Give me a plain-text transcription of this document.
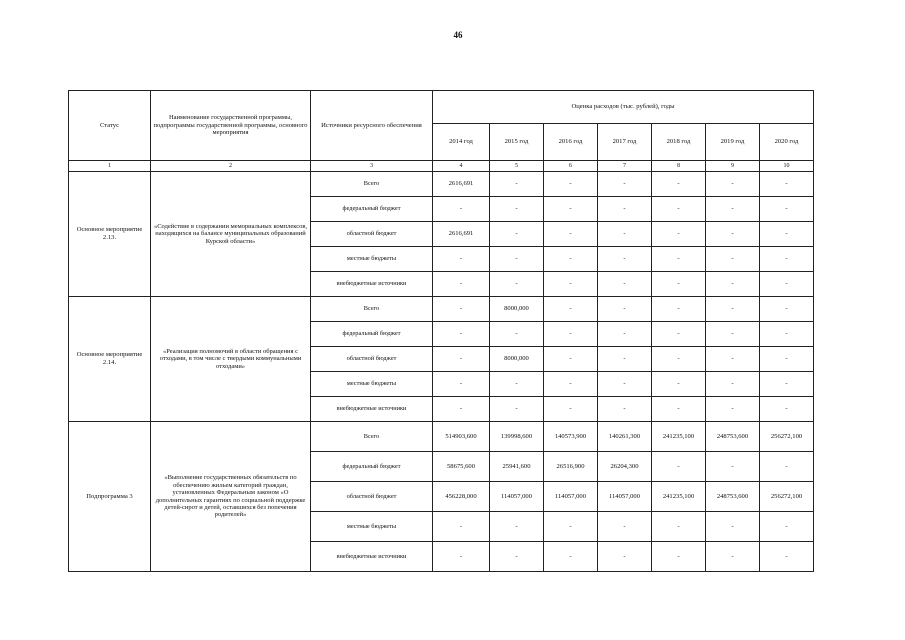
46
Статус	Наименование государственной программы, подпрограммы государственной программы, основного мероприятия	Источники ресурсного обеспечения	Оценка расходов (тыс. рублей), годы						
			2014 год	2015 год	2016 год	2017 год	2018 год	2019 год	2020 год
1	2	3	4	5	6	7	8	9	10
Основное мероприятие 2.13.	«Содействие в содержании мемориальных комплексов, находящихся на балансе муниципальных образований Курской области»	Всего	2616,691	-	-	-	-	-	-
		федеральный бюджет	-	-	-	-	-	-	-
		областной бюджет	2616,691	-	-	-	-	-	-
		местные бюджеты	-	-	-	-	-	-	-
		внебюджетные источники	-	-	-	-	-	-	-
Основное мероприятие 2.14.	«Реализация полномочий в области обращения с отходами, в том числе с твердыми коммунальными отходами»	Всего	-	8000,000	-	-	-	-	-
		федеральный бюджет	-	-	-	-	-	-	-
		областной бюджет	-	8000,000	-	-	-	-	-
		местные бюджеты	-	-	-	-	-	-	-
		внебюджетные источники	-	-	-	-	-	-	-
Подпрограмма 3	«Выполнение государственных обязательств по обеспечению жильем категорий граждан, установленных Федеральным законом «О дополнительных гарантиях по социальной поддержке детей-сирот и детей, оставшихся без попечения родителей»	Всего	514903,600	139998,600	140573,900	140261,300	241235,100	248753,600	256272,100
		федеральный бюджет	58675,600	25941,600	26516,900	26204,300	-	-	-
		областной бюджет	456228,000	114057,000	114057,000	114057,000	241235,100	248753,600	256272,100
		местные бюджеты	-	-	-	-	-	-	-
		внебюджетные источники	-	-	-	-	-	-	-
